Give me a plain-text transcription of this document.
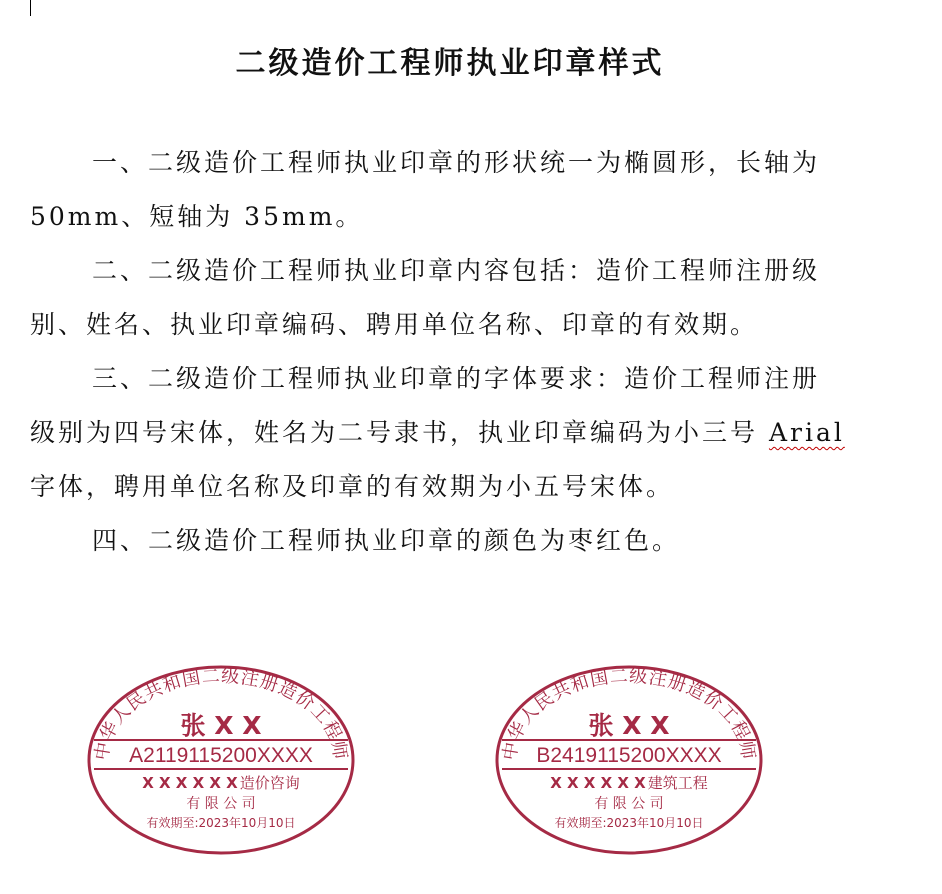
二级造价工程师执业印章样式
一、二级造价工程师执业印章的形状统一为椭圆形，长轴为
50mm、短轴为 35mm。
二、二级造价工程师执业印章内容包括：造价工程师注册级
别、姓名、执业印章编码、聘用单位名称、印章的有效期。
三、二级造价工程师执业印章的字体要求：造价工程师注册
级别为四号宋体，姓名为二号隶书，执业印章编码为小三号 Arial
字体，聘用单位名称及印章的有效期为小五号宋体。
四、二级造价工程师执业印章的颜色为枣红色。
中华人民共和国二级注册造价工程师
张 X X
A2119115200XXXX
X X X X X X 造价咨询
有 限 公 司
有效期至:2023年10月10日
中华人民共和国二级注册造价工程师
张 X X
B2419115200XXXX
X X X X X X 建筑工程
有 限 公 司
有效期至:2023年10月10日
